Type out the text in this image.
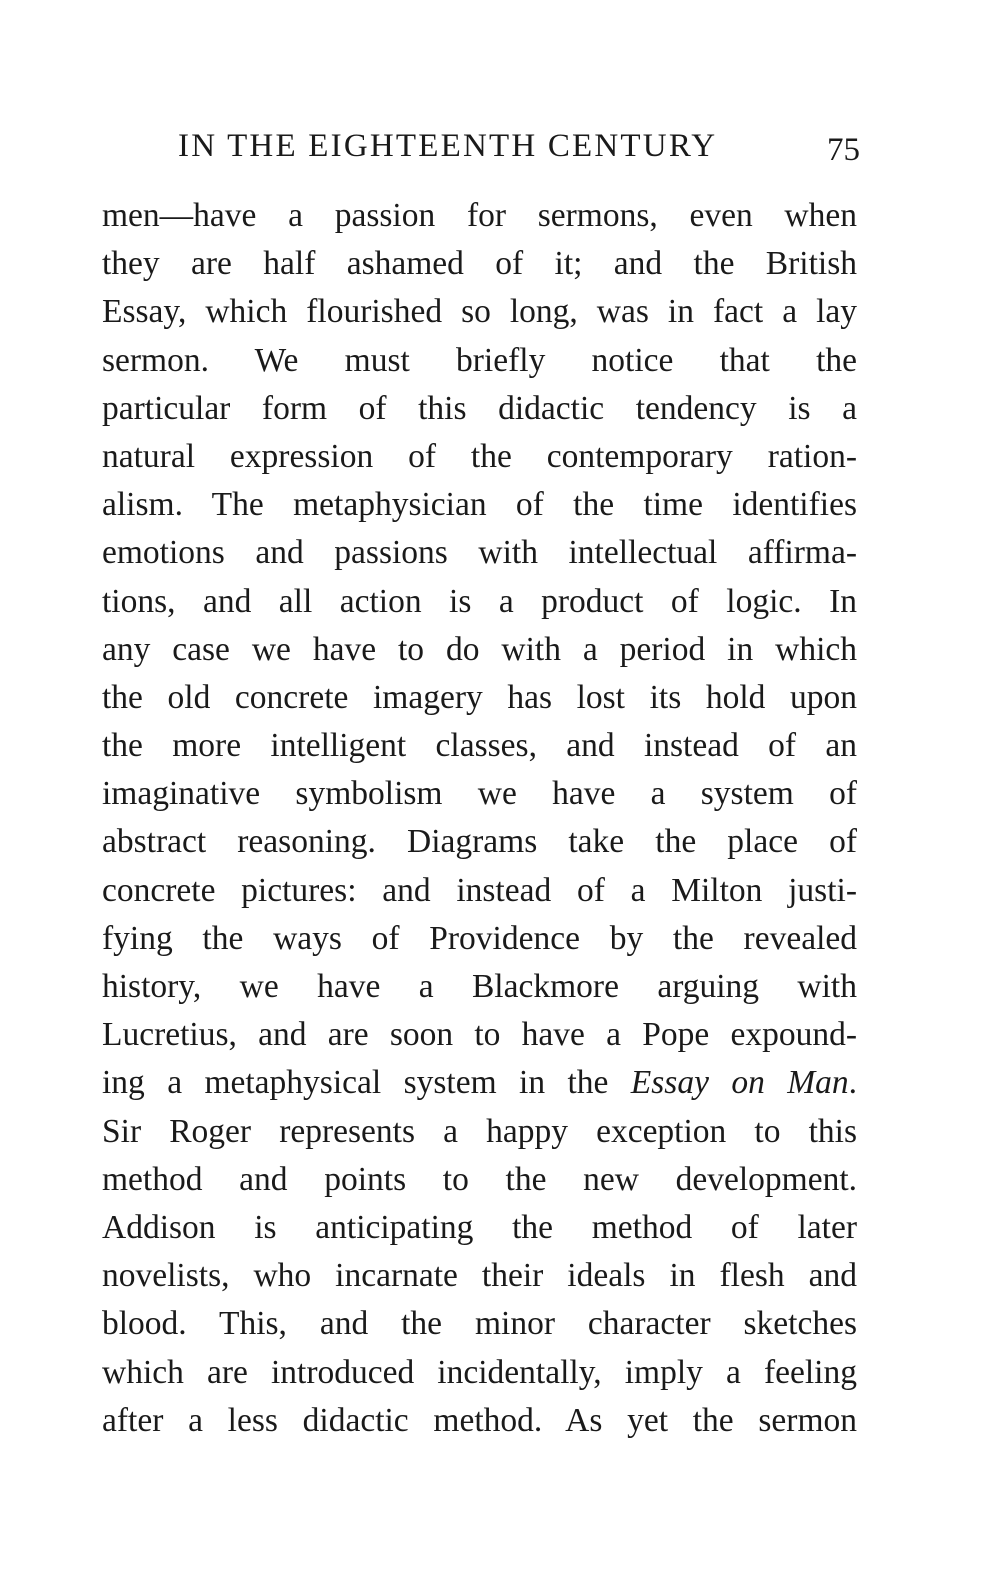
IN THE EIGHTEENTH CENTURY	75
men—have a passion for sermons, even when
they are half ashamed of it; and the British
Essay, which flourished so long, was in fact a lay
sermon. We must briefly notice that the
particular form of this didactic tendency is a
natural expression of the contemporary ration-
alism. The metaphysician of the time identifies
emotions and passions with intellectual affirma-
tions, and all action is a product of logic. In
any case we have to do with a period in which
the old concrete imagery has lost its hold upon
the more intelligent classes, and instead of an
imaginative symbolism we have a system of
abstract reasoning. Diagrams take the place of
concrete pictures: and instead of a Milton justi-
fying the ways of Providence by the revealed
history, we have a Blackmore arguing with
Lucretius, and are soon to have a Pope expound-
ing a metaphysical system in the Essay on Man.
Sir Roger represents a happy exception to this
method and points to the new development.
Addison is anticipating the method of later
novelists, who incarnate their ideals in flesh and
blood. This, and the minor character sketches
which are introduced incidentally, imply a feeling
after a less didactic method. As yet the sermon
